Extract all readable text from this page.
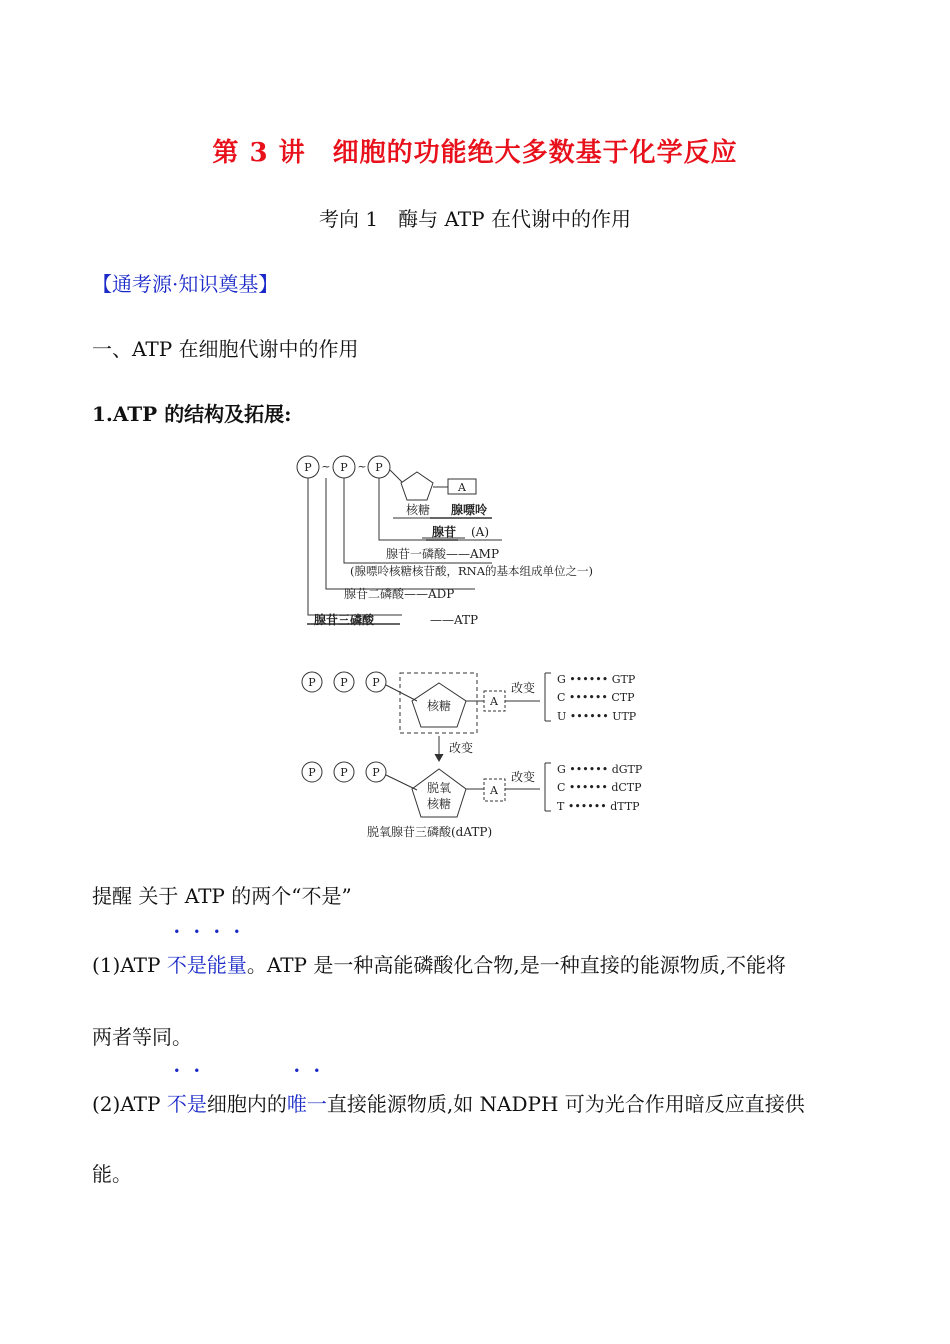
第 3 讲　细胞的功能绝大多数基于化学反应
考向 1　酶与 ATP 在代谢中的作用
【通考源·知识奠基】
一、ATP 在细胞代谢中的作用
1.ATP 的结构及拓展:
P	P	P
~ ~
A
核糖 腺嘌呤
腺苷 (A)
腺苷一磷酸——AMP
(腺嘌呤核糖核苷酸，RNA的基本组成单位之一)
腺苷二磷酸——ADP
腺苷三磷酸	——ATP
P P P
P P P
A
A
核糖
脱氧
核糖
改变
改变
改变
G •••••• GTP
C •••••• CTP
U •••••• UTP
G •••••• dGTP
C •••••• dCTP
T •••••• dTTP
脱氧腺苷三磷酸(dATP)
提醒 关于 ATP 的两个“不是”
(1)ATP 不是能量。ATP 是一种高能磷酸化合物,是一种直接的能源物质,不能将
两者等同。
(2)ATP 不是细胞内的唯一直接能源物质,如 NADPH 可为光合作用暗反应直接供
能。
